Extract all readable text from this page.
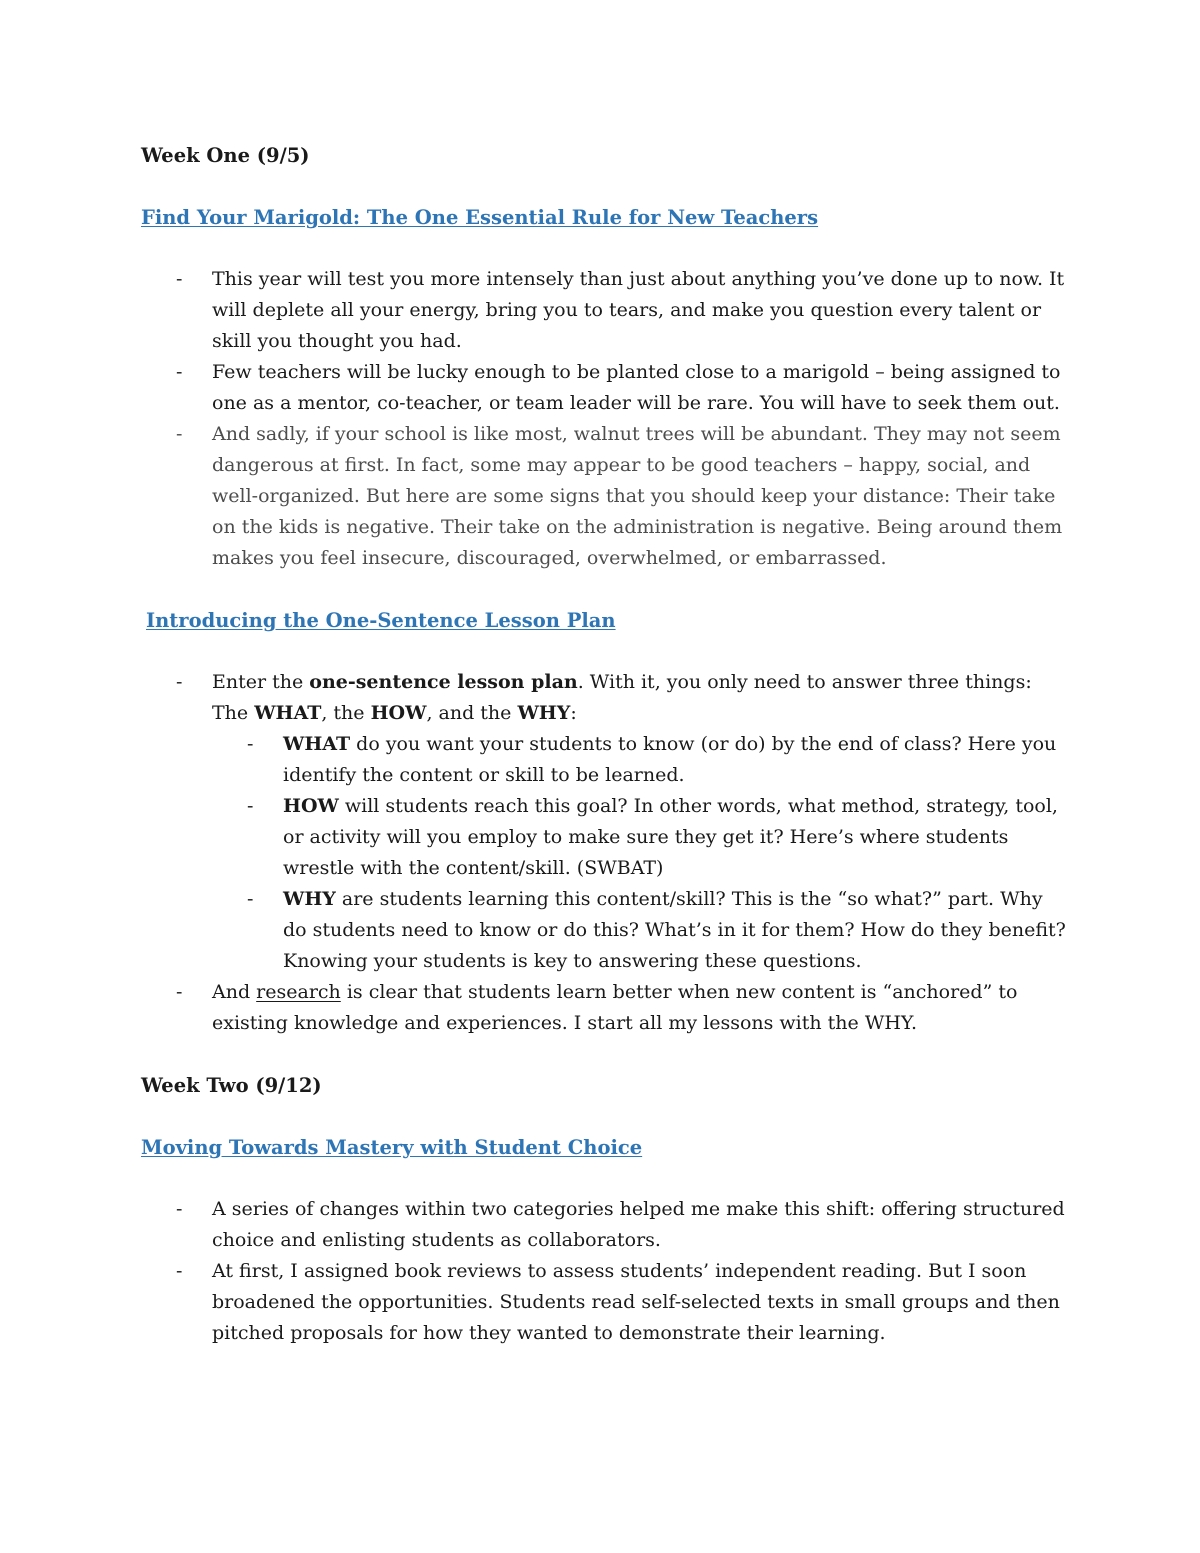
Week One (9/5)

Find Your Marigold: The One Essential Rule for New Teachers
- This year will test you more intensely than just about anything you’ve done up to now. It will deplete all your energy, bring you to tears, and make you question every talent or skill you thought you had.
- Few teachers will be lucky enough to be planted close to a marigold – being assigned to one as a mentor, co-teacher, or team leader will be rare. You will have to seek them out.
- And sadly, if your school is like most, walnut trees will be abundant. They may not seem dangerous at first. In fact, some may appear to be good teachers – happy, social, and well-organized. But here are some signs that you should keep your distance: Their take on the kids is negative. Their take on the administration is negative. Being around them makes you feel insecure, discouraged, overwhelmed, or embarrassed.
Introducing the One-Sentence Lesson Plan
- Enter the one-sentence lesson plan. With it, you only need to answer three things: The WHAT, the HOW, and the WHY:
- WHAT do you want your students to know (or do) by the end of class? Here you identify the content or skill to be learned.
- HOW will students reach this goal? In other words, what method, strategy, tool, or activity will you employ to make sure they get it? Here’s where students wrestle with the content/skill. (SWBAT)
- WHY are students learning this content/skill? This is the “so what?” part. Why do students need to know or do this? What’s in it for them? How do they benefit? Knowing your students is key to answering these questions.
- And research is clear that students learn better when new content is “anchored” to existing knowledge and experiences. I start all my lessons with the WHY.

Week Two (9/12)

Moving Towards Mastery with Student Choice
- A series of changes within two categories helped me make this shift: offering structured choice and enlisting students as collaborators.
- At first, I assigned book reviews to assess students’ independent reading. But I soon broadened the opportunities. Students read self-selected texts in small groups and then pitched proposals for how they wanted to demonstrate their learning.
